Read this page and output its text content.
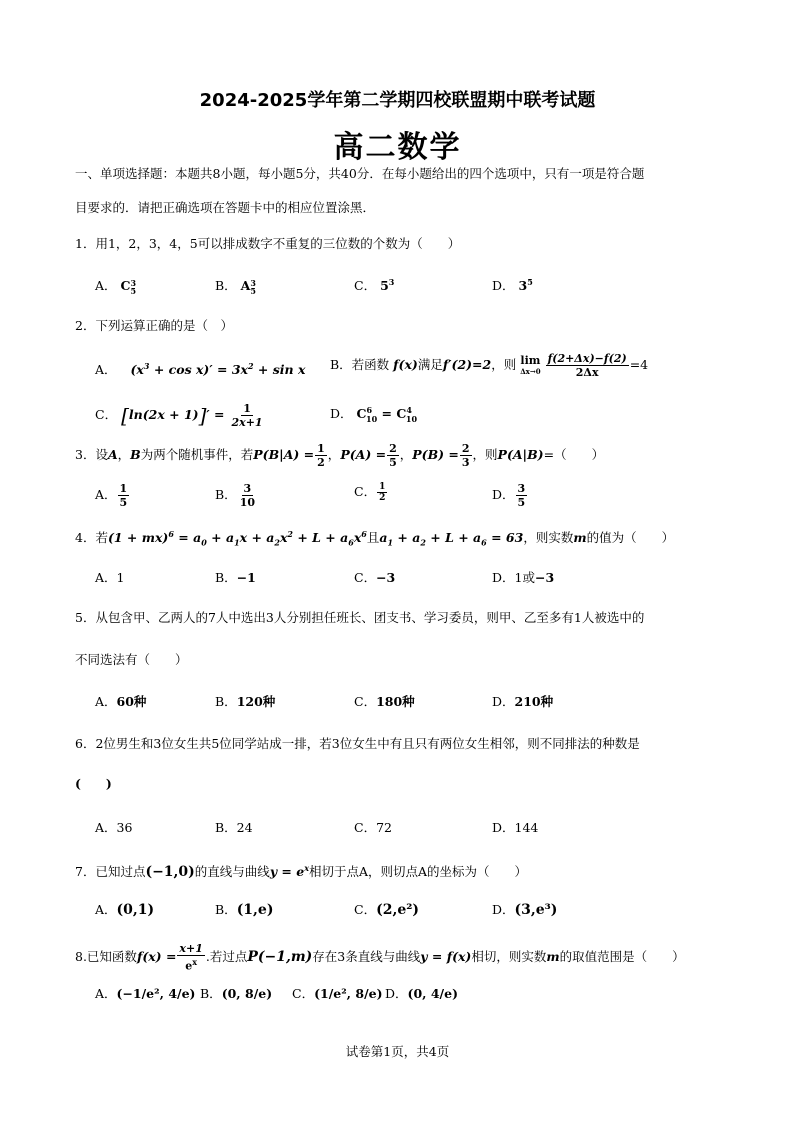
2024-2025学年第二学期四校联盟期中联考试题
高二数学
一、单项选择题：本题共8小题，每小题5分，共40分．在每小题给出的四个选项中，只有一项是符合题
目要求的．请把正确选项在答题卡中的相应位置涂黑．
1．用1，2，3，4，5可以排成数字不重复的三位数的个数为（　　）
A． C 3
5	B． A 3
5	C． $5^3$	D． $3^5$
2．下列运算正确的是（　）
A． $(x^3 + \cos x)' = 3x^2 + \sin x$ B．若函数 f(x)满足f′(2)=2，则 lim
Δx→0
$\frac{f(2+\Delta x)-f(2)}{2\Delta x} =4$
C． $[\ln(2x + 1)]' = \frac{1}{2x+1}$	D． $C^6_{10} = C^4_{10}$
3．设A，B为两个随机事件，若$P(B|A) = \frac{1}{2}$ ，$P(A) = \frac{2}{5}$ ，$P(B) = \frac{2}{3}$ ，则P(A|B)=（　　）
A． $\frac{1}{5}$	B． $\frac{3}{10}$	C． $\frac{1}{2}$	D． $\frac{3}{5}$
4．若$(1 + mx)^6 = a_0 + a_1x + a_2x^2 + L + a_6x^6$且$a_1 + a_2 + L + a_6 = 63$，则实数m的值为（　　）
A．1	B．−1	C．−3	D．1或−3
5．从包含甲、乙两人的7人中选出3人分别担任班长、团支书、学习委员，则甲、乙至多有1人被选中的
不同选法有（　　）
A．60种	B．120种	C．180种	D．210种
6．2位男生和3位女生共5位同学站成一排，若3位女生中有且只有两位女生相邻，则不同排法的种数是
(　　)
A．36	B．24	C．72	D．144
7．已知过点(−1,0)的直线与曲线$y = e^x$相切于点A，则切点A的坐标为（　　）
A．(0,1)	B．(1,e)	C．(2,e²)	D．(3,e³)
8.已知函数$f(x) = \frac{x+1}{e^x}$ .若过点P(−1,m)存在3条直线与曲线y = f(x)相切，则实数m的取值范围是（　　）
A．(−1/e², 4/e) B．(0, 8/e) C．(1/e², 8/e) D．(0, 4/e)
试卷第1页，共4页
